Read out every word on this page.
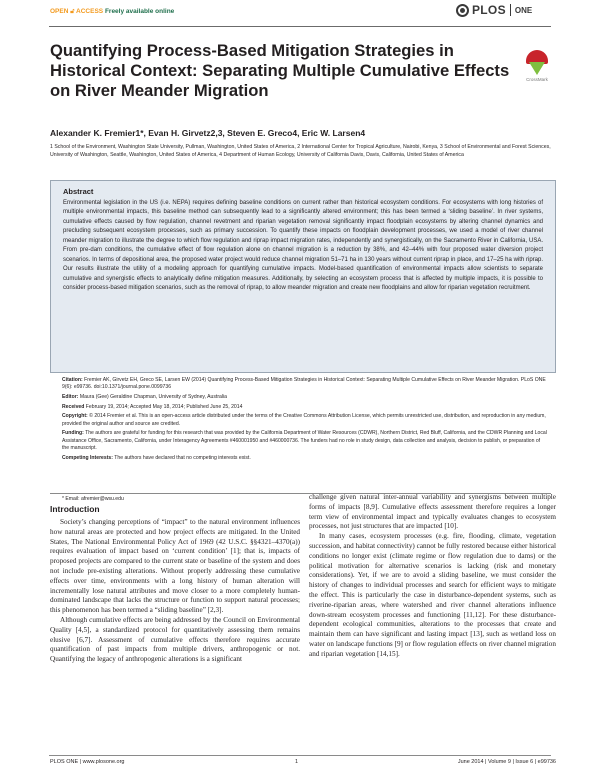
OPEN 🔓︎ ACCESS Freely available online	PLOS ONE
Quantifying Process-Based Mitigation Strategies in Historical Context: Separating Multiple Cumulative Effects on River Meander Migration
CrossMark
Alexander K. Fremier1*, Evan H. Girvetz2,3, Steven E. Greco4, Eric W. Larsen4
1 School of the Environment, Washington State University, Pullman, Washington, United States of America, 2 International Center for Tropical Agriculture, Nairobi, Kenya, 3 School of Environmental and Forest Sciences, University of Washington, Seattle, Washington, United States of America, 4 Department of Human Ecology, University of California Davis, Davis, California, United States of America
Abstract
Environmental legislation in the US (i.e. NEPA) requires defining baseline conditions on current rather than historical ecosystem conditions. For ecosystems with long histories of multiple environmental impacts, this baseline method can subsequently lead to a significantly altered environment; this has been termed a ‘sliding baseline’. In river systems, cumulative effects caused by flow regulation, channel revetment and riparian vegetation removal significantly impact floodplain ecosystems by altering channel dynamics and precluding subsequent ecosystem processes, such as primary succession. To quantify these impacts on floodplain development processes, we used a model of river channel meander migration to illustrate the degree to which flow regulation and riprap impact migration rates, independently and synergistically, on the Sacramento River in California, USA. From pre-dam conditions, the cumulative effect of flow regulation alone on channel migration is a reduction by 38%, and 42–44% with four proposed water diversion project scenarios. In terms of depositional area, the proposed water project would reduce channel migration 51–71 ha in 130 years without current riprap in place, and 17–25 ha with riprap. Our results illustrate the utility of a modeling approach for quantifying cumulative impacts. Model-based quantification of environmental impacts allow scientists to separate cumulative and synergistic effects to analytically define mitigation measures. Additionally, by selecting an ecosystem process that is affected by multiple impacts, it is possible to consider process-based mitigation scenarios, such as the removal of riprap, to allow meander migration and create new floodplains and allow for riparian vegetation recruitment.

Citation: Fremier AK, Girvetz EH, Greco SE, Larsen EW (2014) Quantifying Process-Based Mitigation Strategies in Historical Context: Separating Multiple Cumulative Effects on River Meander Migration. PLoS ONE 9(6): e99736. doi:10.1371/journal.pone.0099736

Editor: Maura (Gee) Geraldine Chapman, University of Sydney, Australia

Received February 19, 2014; Accepted May 18, 2014; Published June 25, 2014

Copyright: © 2014 Fremier et al. This is an open-access article distributed under the terms of the Creative Commons Attribution License, which permits unrestricted use, distribution, and reproduction in any medium, provided the original author and source are credited.

Funding: The authors are grateful for funding for this research that was provided by the California Department of Water Resources (CDWR), Northern District, Red Bluff, California, and the CDWR Planning and Local Assistance Office, Sacramento, California, under Interagency Agreements #460001950 and #460000736. The funders had no role in study design, data collection and analysis, decision to publish, or preparation of the manuscript.

Competing Interests: The authors have declared that no competing interests exist.

* Email: afremier@wsu.edu
Introduction

Society’s changing perceptions of “impact” to the natural environment influences how natural areas are protected and how project effects are mitigated. In the United States, The National Environmental Policy Act of 1969 (42 U.S.C. §§4321–4370(a)) requires evaluation of impact based on ‘current condition’ [1]; that is, impacts of proposed projects are compared to the current state or baseline of the system and does not include pre-existing alterations. Without properly addressing these cumulative effects over time, environments with a long history of human alteration will incrementally lose natural attributes and move closer to a more completely human-dominated landscape that lacks the structure or function to support natural processes; this phenomenon has been termed a “sliding baseline” [2,3].

Although cumulative effects are being addressed by the Council on Environmental Quality [4,5], a standardized protocol for quantitatively assessing them remains elusive [6,7]. Assessment of cumulative effects therefore requires accurate quantification of past impacts from multiple drivers, anthropogenic or not. Quantifying the legacy of anthropogenic alterations is a significant

challenge given natural inter-annual variability and synergisms between multiple forms of impacts [8,9]. Cumulative effects assessment therefore requires a longer term view of environmental impact and typically evaluates changes to ecosystem processes, not just structures that are impacted [10].

In many cases, ecosystem processes (e.g. fire, flooding, climate, vegetation succession, and habitat connectivity) cannot be fully restored because either historical conditions no longer exist (climate regime or flow regulation due to dams) or the political motivation for alternative scenarios is lacking (risk and monetary considerations). Yet, if we are to avoid a sliding baseline, we must consider the history of changes to individual processes and search for efficient ways to mitigate the effect. This is particularly the case in disturbance-dependent systems, such as riverine-riparian areas, where watershed and river channel alterations influence down-stream ecosystem processes and functioning [11,12]. For these disturbance-dependent ecological communities, alterations to the processes that create and maintain them can have significant and lasting impact [13], such as wetland loss on water on landscape functions [9] or flow regulation effects on river channel migration and riparian vegetation [14,15].

PLOS ONE | www.plosone.org	1	June 2014 | Volume 9 | Issue 6 | e99736
